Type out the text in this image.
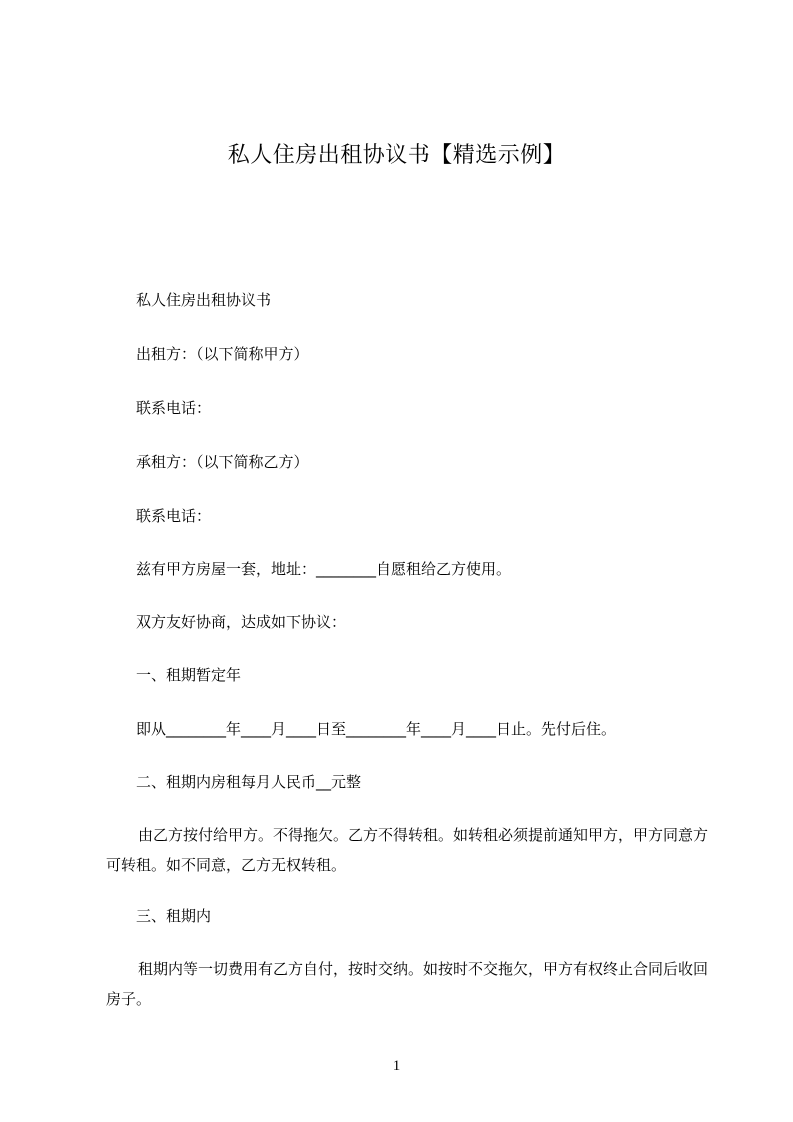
私人住房出租协议书【精选示例】
私人住房出租协议书
出租方：（以下简称甲方）
联系电话：
承租方：（以下简称乙方）
联系电话：
兹有甲方房屋一套，地址：________自愿租给乙方使用。
双方友好协商，达成如下协议：
一、租期暂定年
即从________年____月____日至________年____月____日止。先付后住。
二、租期内房租每月人民币__元整
由乙方按付给甲方。不得拖欠。乙方不得转租。如转租必须提前通知甲方，甲方同意方可转租。如不同意，乙方无权转租。
三、租期内
租期内等一切费用有乙方自付，按时交纳。如按时不交拖欠，甲方有权终止合同后收回房子。
1
